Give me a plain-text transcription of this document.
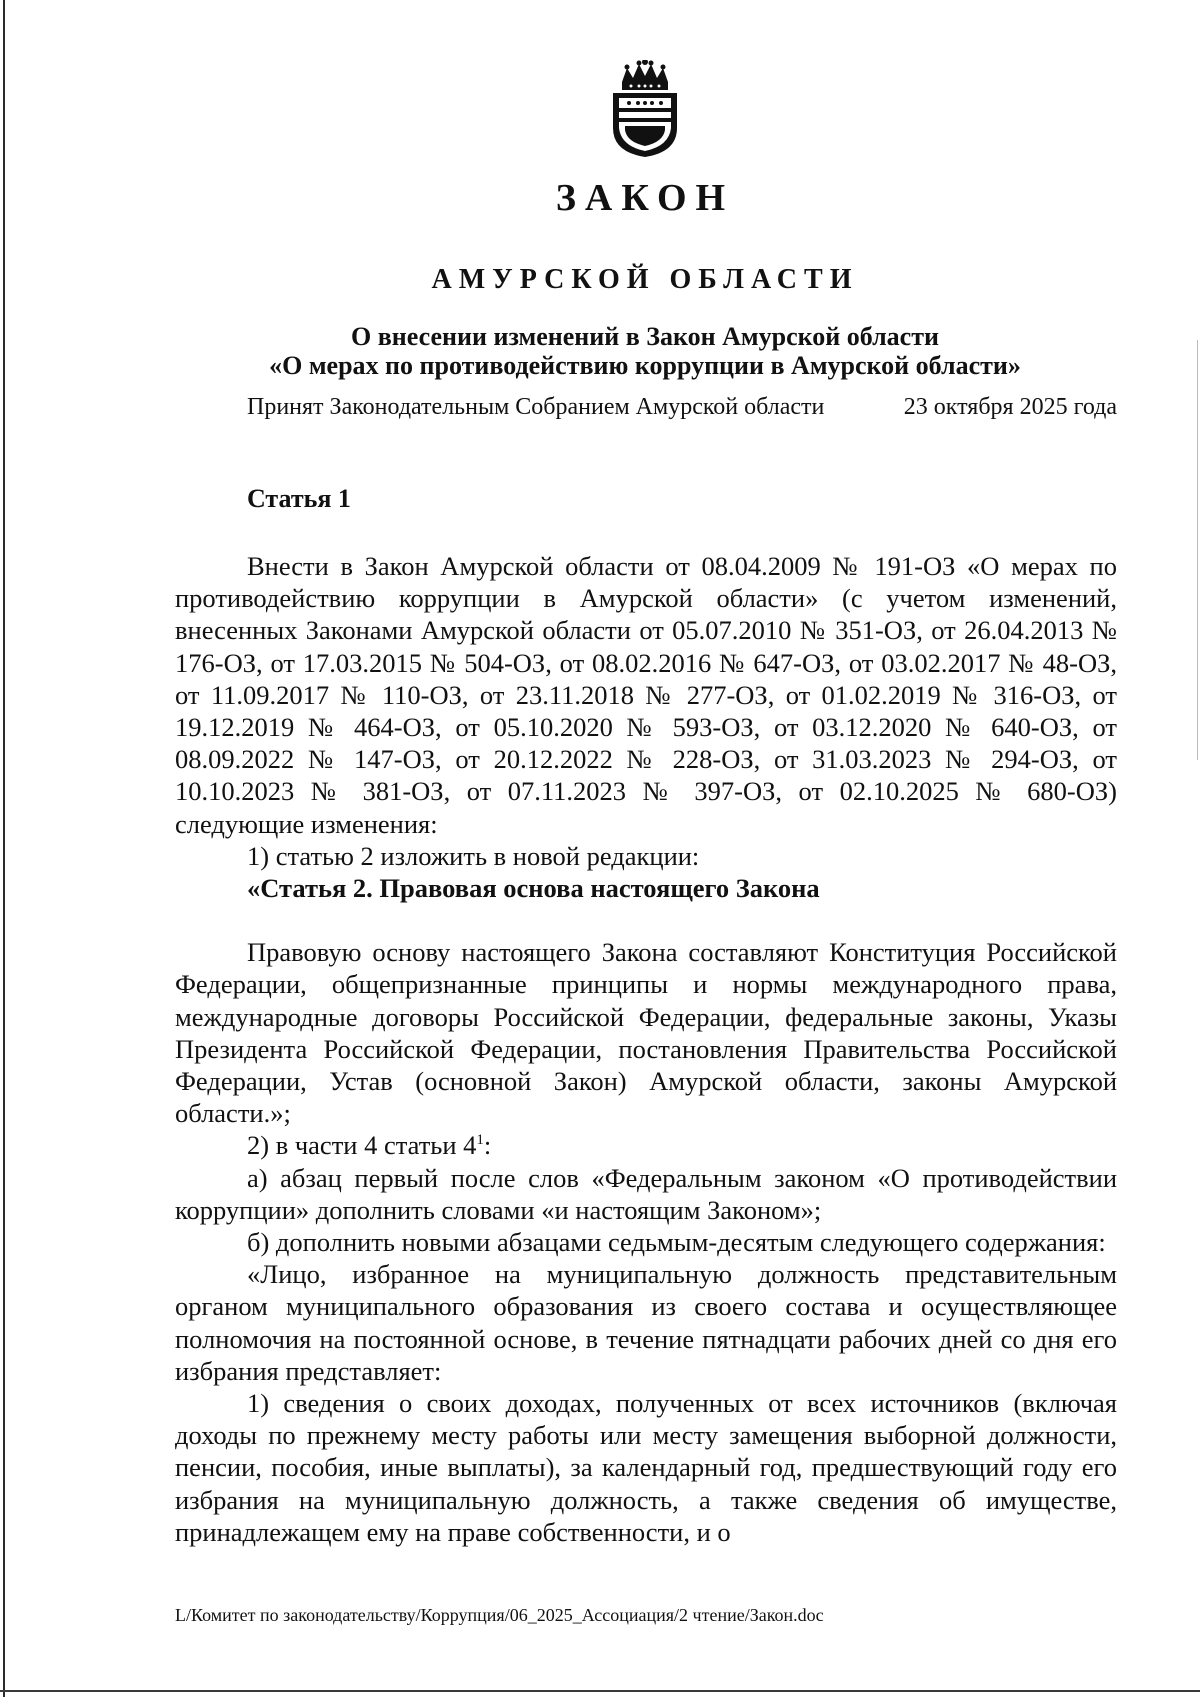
ЗАКОН
АМУРСКОЙ ОБЛАСТИ
О внесении изменений в Закон Амурской области
«О мерах по противодействию коррупции в Амурской области»

Принят Законодательным Собранием Амурской области	23 октября 2025 года

Статья 1

Внести в Закон Амурской области от 08.04.2009 № 191-ОЗ «О мерах по противодействию коррупции в Амурской области» (с учетом изменений, внесенных Законами Амурской области от 05.07.2010 № 351-ОЗ, от 26.04.2013 № 176-ОЗ, от 17.03.2015 № 504-ОЗ, от 08.02.2016 № 647-ОЗ, от 03.02.2017 № 48-ОЗ, от 11.09.2017 № 110-ОЗ, от 23.11.2018 № 277-ОЗ, от 01.02.2019 № 316-ОЗ, от 19.12.2019 № 464-ОЗ, от 05.10.2020 № 593-ОЗ, от 03.12.2020 № 640-ОЗ, от 08.09.2022 № 147-ОЗ, от 20.12.2022 № 228-ОЗ, от 31.03.2023 № 294-ОЗ, от 10.10.2023 № 381-ОЗ, от 07.11.2023 № 397-ОЗ, от 02.10.2025 № 680-ОЗ) следующие изменения:

1) статью 2 изложить в новой редакции:

«Статья 2. Правовая основа настоящего Закона

Правовую основу настоящего Закона составляют Конституция Российской Федерации, общепризнанные принципы и нормы международного права, международные договоры Российской Федерации, федеральные законы, Указы Президента Российской Федерации, постановления Правительства Российской Федерации, Устав (основной Закон) Амурской области, законы Амурской области.»;

2) в части 4 статьи $4^1$:

а) абзац первый после слов «Федеральным законом «О противодействии коррупции» дополнить словами «и настоящим Законом»;

б) дополнить новыми абзацами седьмым-десятым следующего содержания:

«Лицо, избранное на муниципальную должность представительным органом муниципального образования из своего состава и осуществляющее полномочия на постоянной основе, в течение пятнадцати рабочих дней со дня его избрания представляет:

1) сведения о своих доходах, полученных от всех источников (включая доходы по прежнему месту работы или месту замещения выборной должности, пенсии, пособия, иные выплаты), за календарный год, предшествующий году его избрания на муниципальную должность, а также сведения об имуществе, принадлежащем ему на праве собственности, и о

L/Комитет по законодательству/Коррупция/06_2025_Ассоциация/2 чтение/Закон.doc
